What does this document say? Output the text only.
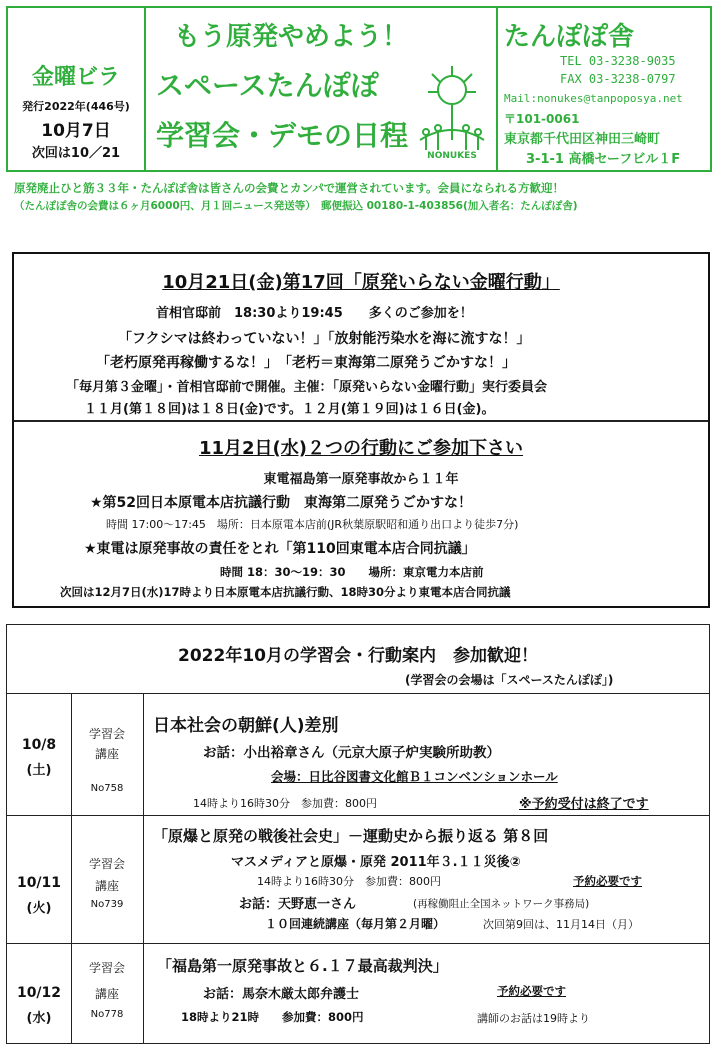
金曜ビラ
発行2022年(446号)
10月7日
次回は10／21
もう原発やめよう！
スペースたんぽぽ
学習会・デモの日程
NONUKES
たんぽぽ舎
TEL 03-3238-9035
FAX 03-3238-0797
Mail:nonukes@tanpoposya.net
〒101-0061
東京都千代田区神田三崎町
3-1-1 高橋セーフビル１F
原発廃止ひと筋３３年・たんぽぽ舎は皆さんの会費とカンパで運営されています。会員になられる方歓迎！
（たんぽぽ舎の会費は６ヶ月6000円、月１回ニュース発送等）　郵便振込 00180-1-403856(加入者名：たんぽぽ舎)
10月21日(金)第17回「原発いらない金曜行動」
首相官邸前　18:30より19:45　　多くのご参加を！
「フクシマは終わっていない！」「放射能汚染水を海に流すな！」
「老朽原発再稼働するな！」　「老朽＝東海第二原発うごかすな！」
「毎月第３金曜」・首相官邸前で開催。主催：「原発いらない金曜行動」実行委員会
１１月(第１８回)は１８日(金)です。１２月(第１９回)は１６日(金)。
11月2日(水)２つの行動にご参加下さい
東電福島第一原発事故から１１年
★第52回日本原電本店抗議行動　東海第二原発うごかすな！
時間 17:00～17:45　場所：日本原電本店前(JR秋葉原駅昭和通り出口より徒歩7分)
★東電は原発事故の責任をとれ「第110回東電本店合同抗議」
時間 18：30～19：30　　場所：東京電力本店前
次回は12月7日(水)17時より日本原電本店抗議行動、18時30分より東電本店合同抗議
2022年10月の学習会・行動案内　参加歓迎！
(学習会の会場は「スペースたんぽぽ」)
10/8
(土)
学習会
講座
No758
日本社会の朝鮮(人)差別
お話：小出裕章さん（元京大原子炉実験所助教）
会場：日比谷図書文化館Ｂ１コンベンションホール
14時より16時30分　参加費：800円	※予約受付は終了です
10/11
(火)
学習会
講座
No739
「原爆と原発の戦後社会史」－運動史から振り返る 第８回
マスメディアと原爆・原発 2011年３.１１災後②
14時より16時30分　参加費：800円	予約必要です
お話：天野恵一さん	(再稼働阻止全国ネットワーク事務局)
１０回連続講座（毎月第２月曜）	次回第9回は、11月14日（月）
10/12
(水)
学習会
講座
No778
「福島第一原発事故と６.１７最高裁判決」
お話：馬奈木厳太郎弁護士	予約必要です
18時より21時　　参加費：800円	講師のお話は19時より
